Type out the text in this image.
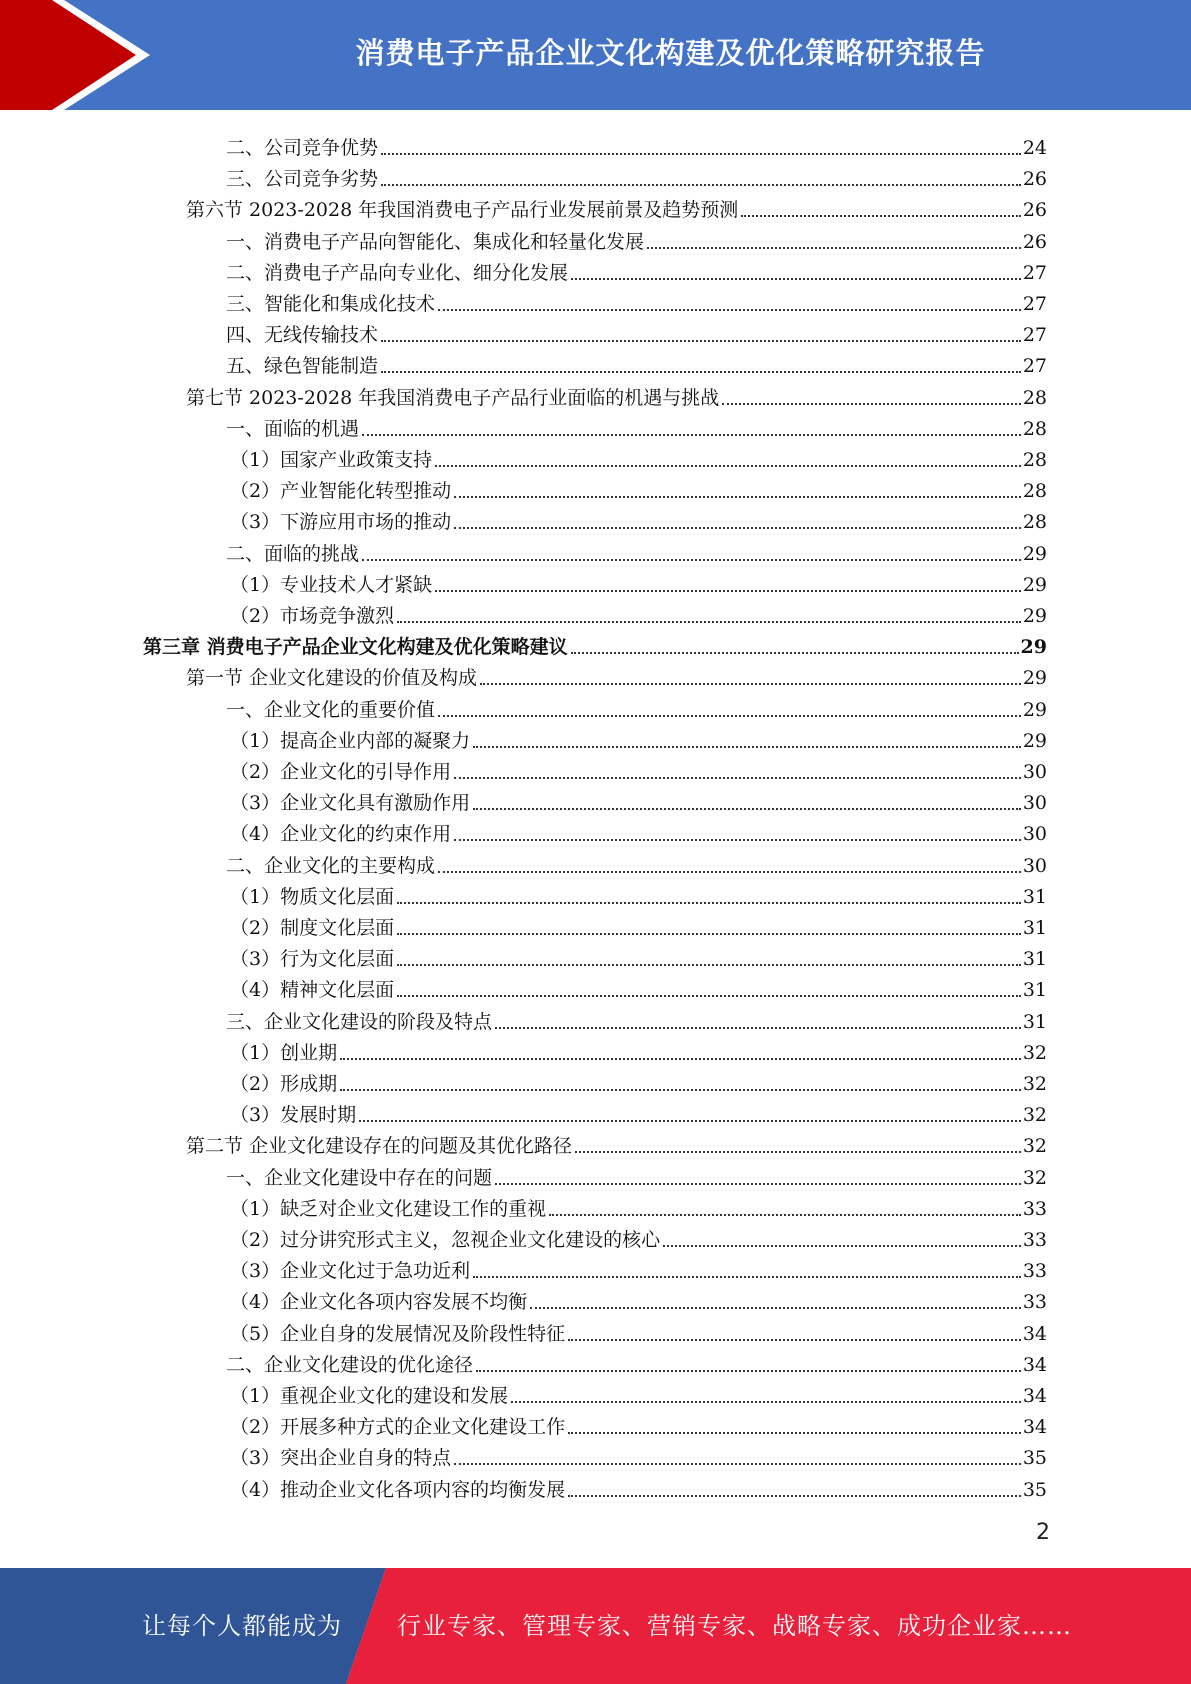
消费电子产品企业文化构建及优化策略研究报告
二、公司竞争优势	24
三、公司竞争劣势	26
第六节 2023-2028 年我国消费电子产品行业发展前景及趋势预测	26
一、消费电子产品向智能化、集成化和轻量化发展	26
二、消费电子产品向专业化、细分化发展	27
三、智能化和集成化技术	27
四、无线传输技术	27
五、绿色智能制造	27
第七节 2023-2028 年我国消费电子产品行业面临的机遇与挑战	28
一、面临的机遇	28
（1）国家产业政策支持	28
（2）产业智能化转型推动	28
（3）下游应用市场的推动	28
二、面临的挑战	29
（1）专业技术人才紧缺	29
（2）市场竞争激烈	29
第三章 消费电子产品企业文化构建及优化策略建议	29
第一节 企业文化建设的价值及构成	29
一、企业文化的重要价值	29
（1）提高企业内部的凝聚力	29
（2）企业文化的引导作用	30
（3）企业文化具有激励作用	30
（4）企业文化的约束作用	30
二、企业文化的主要构成	30
（1）物质文化层面	31
（2）制度文化层面	31
（3）行为文化层面	31
（4）精神文化层面	31
三、企业文化建设的阶段及特点	31
（1）创业期	32
（2）形成期	32
（3）发展时期	32
第二节 企业文化建设存在的问题及其优化路径	32
一、企业文化建设中存在的问题	32
（1）缺乏对企业文化建设工作的重视	33
（2）过分讲究形式主义，忽视企业文化建设的核心	33
（3）企业文化过于急功近利	33
（4）企业文化各项内容发展不均衡	33
（5）企业自身的发展情况及阶段性特征	34
二、企业文化建设的优化途径	34
（1）重视企业文化的建设和发展	34
（2）开展多种方式的企业文化建设工作	34
（3）突出企业自身的特点	35
（4）推动企业文化各项内容的均衡发展	35
2
让每个人都能成为 行业专家、管理专家、营销专家、战略专家、成功企业家……
